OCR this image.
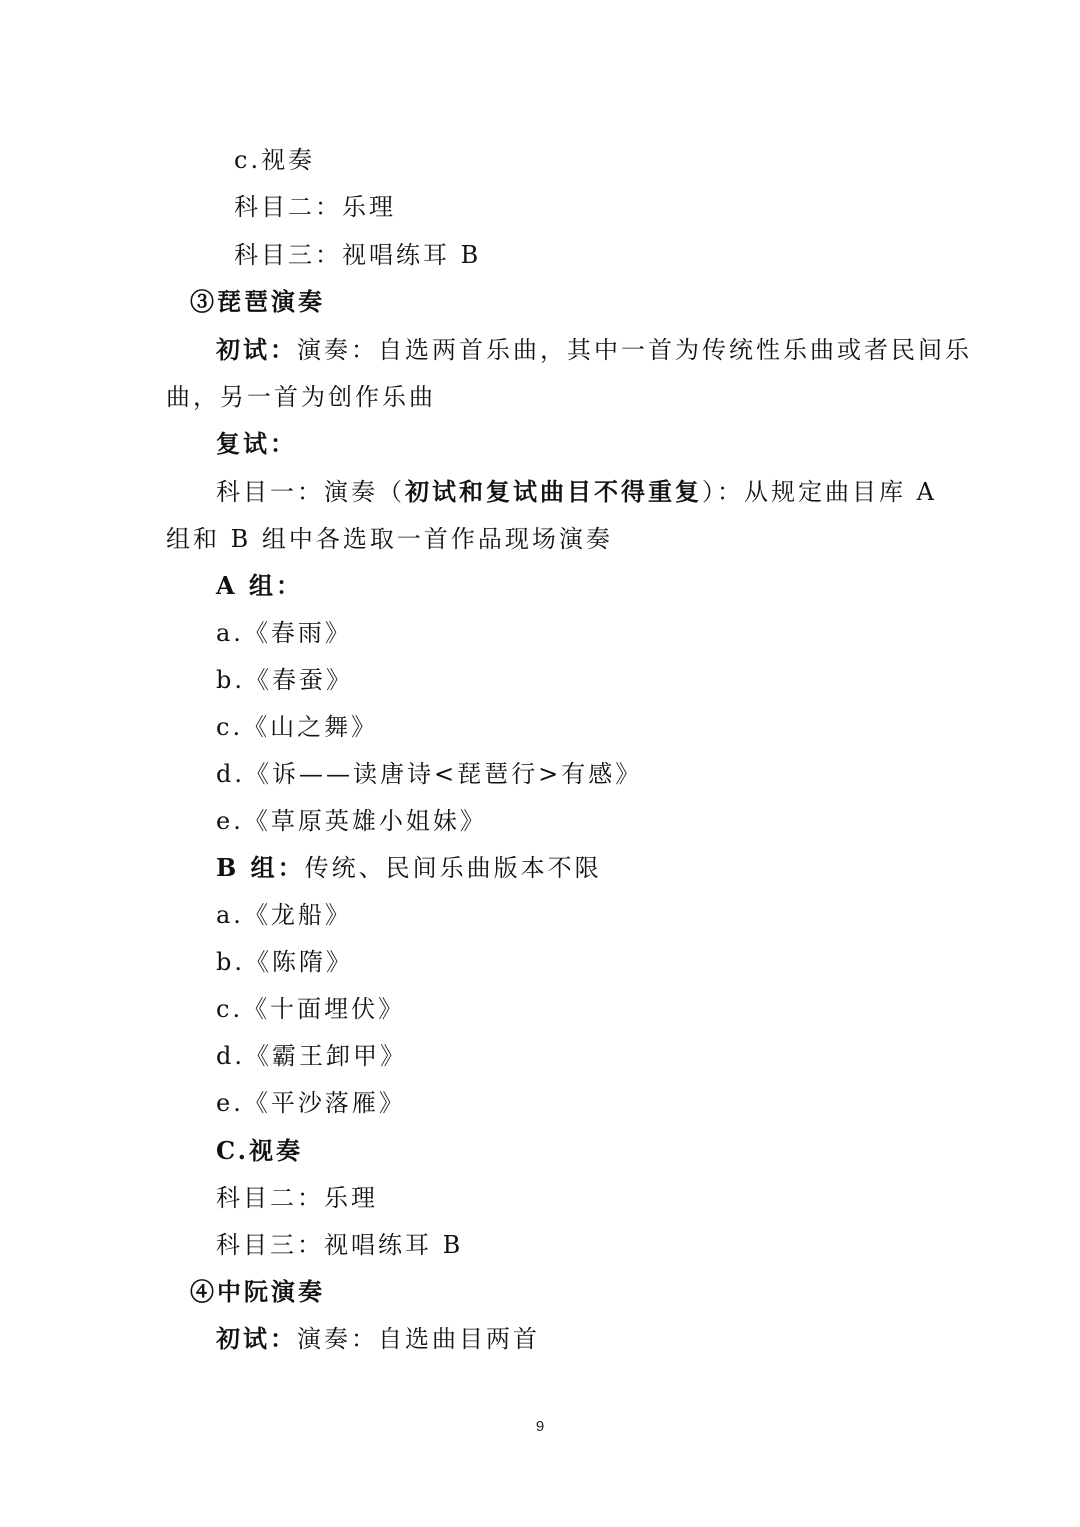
c.视奏
科目二：乐理
科目三：视唱练耳 B
③琵琶演奏
初试：演奏：自选两首乐曲，其中一首为传统性乐曲或者民间乐
曲，另一首为创作乐曲
复试：
科目一：演奏（初试和复试曲目不得重复）：从规定曲目库 A
组和 B 组中各选取一首作品现场演奏
A 组：
a.《春雨》
b.《春蚕》
c.《山之舞》
d.《诉——读唐诗<琵琶行>有感》
e.《草原英雄小姐妹》
B 组：传统、民间乐曲版本不限
a.《龙船》
b.《陈隋》
c.《十面埋伏》
d.《霸王卸甲》
e.《平沙落雁》
C.视奏
科目二：乐理
科目三：视唱练耳 B
④中阮演奏
初试：演奏：自选曲目两首
9
